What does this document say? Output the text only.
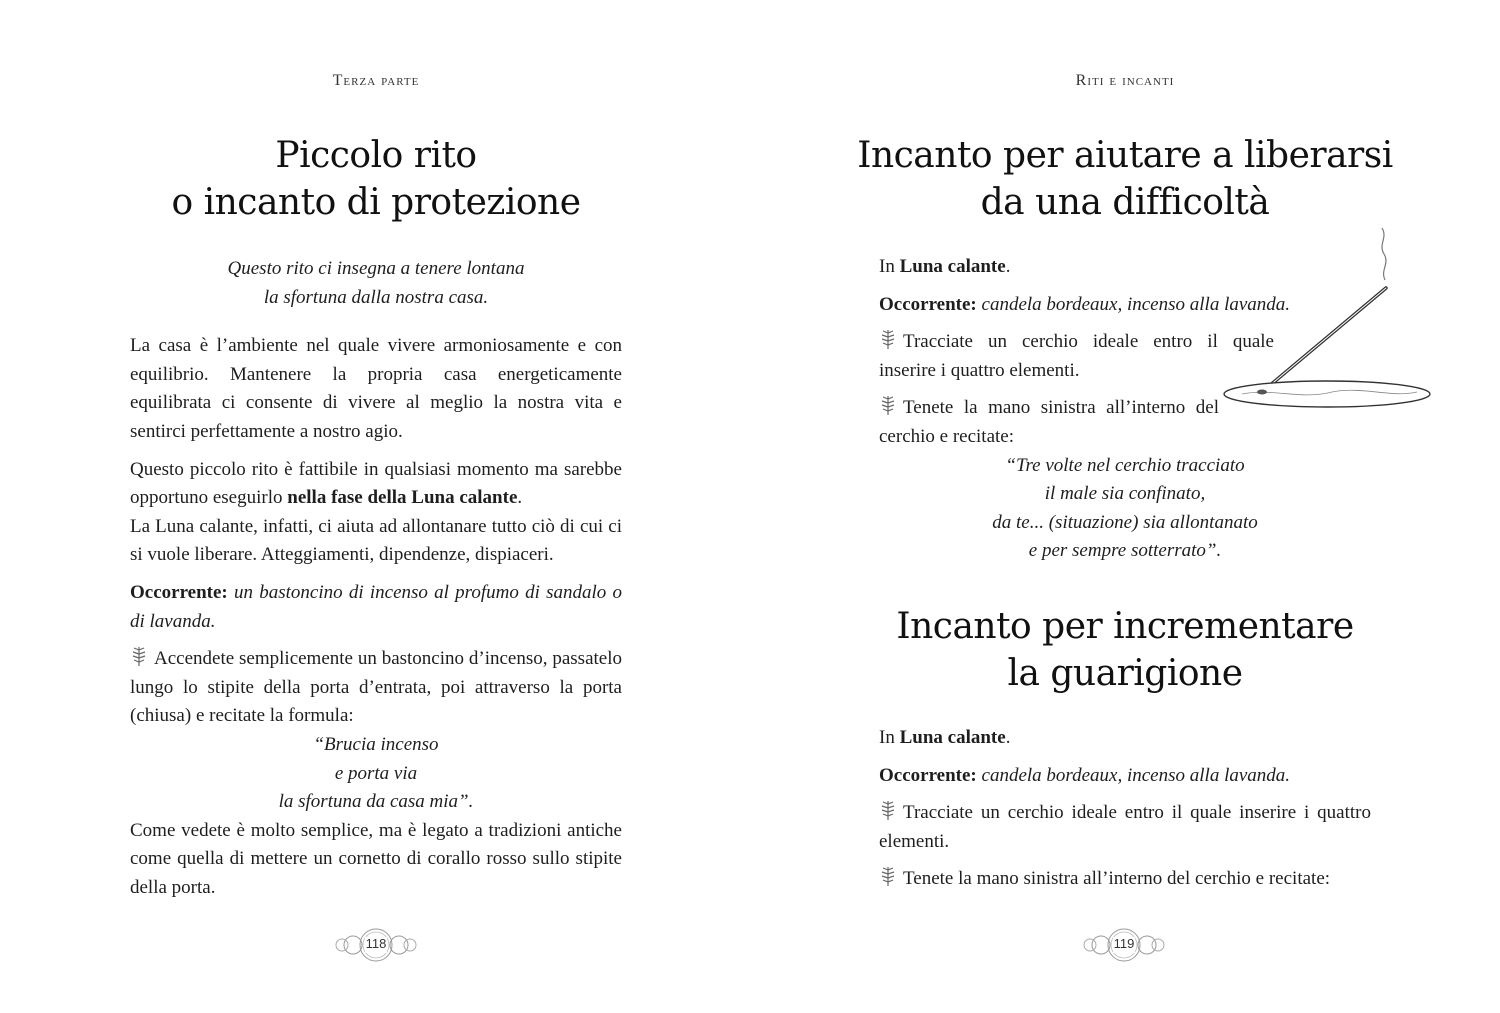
Terza parte
Piccolo rito
o incanto di protezione

Questo rito ci insegna a tenere lontana

la sfortuna dalla nostra casa.

La casa è l’ambiente nel quale vivere armoniosamente e con equilibrio. Mantenere la propria casa energeticamente equilibrata ci consente di vivere al meglio la nostra vita e sentirci perfettamente a nostro agio.

Questo piccolo rito è fattibile in qualsiasi momento ma sarebbe opportuno eseguirlo nella fase della Luna calante.

La Luna calante, infatti, ci aiuta ad allontanare tutto ciò di cui ci si vuole liberare. Atteggiamenti, dipendenze, dispiaceri.

Occorrente: un bastoncino di incenso al profumo di sandalo o di lavanda.

Accendete semplicemente un bastoncino d’incenso, passatelo lungo lo stipite della porta d’entrata, poi attraverso la porta (chiusa) e recitate la formula:

“Brucia incenso

e porta via

la sfortuna da casa mia”.

Come vedete è molto semplice, ma è legato a tradizioni antiche come quella di mettere un cornetto di corallo rosso sullo stipite della porta.

118
Riti e incanti
Incanto per aiutare a liberarsi
da una difficoltà

In Luna calante.

Occorrente: candela bordeaux, incenso alla lavanda.

Tracciate un cerchio ideale entro il quale inserire i quattro elementi.

Tenete la mano sinistra all’interno del cerchio e recitate:

“Tre volte nel cerchio tracciato

il male sia confinato,

da te... (situazione) sia allontanato

e per sempre sotterrato”.

Incanto per incrementare
la guarigione

In Luna calante.

Occorrente: candela bordeaux, incenso alla lavanda.

Tracciate un cerchio ideale entro il quale inserire i quattro elementi.

Tenete la mano sinistra all’interno del cerchio e recitate:

119
